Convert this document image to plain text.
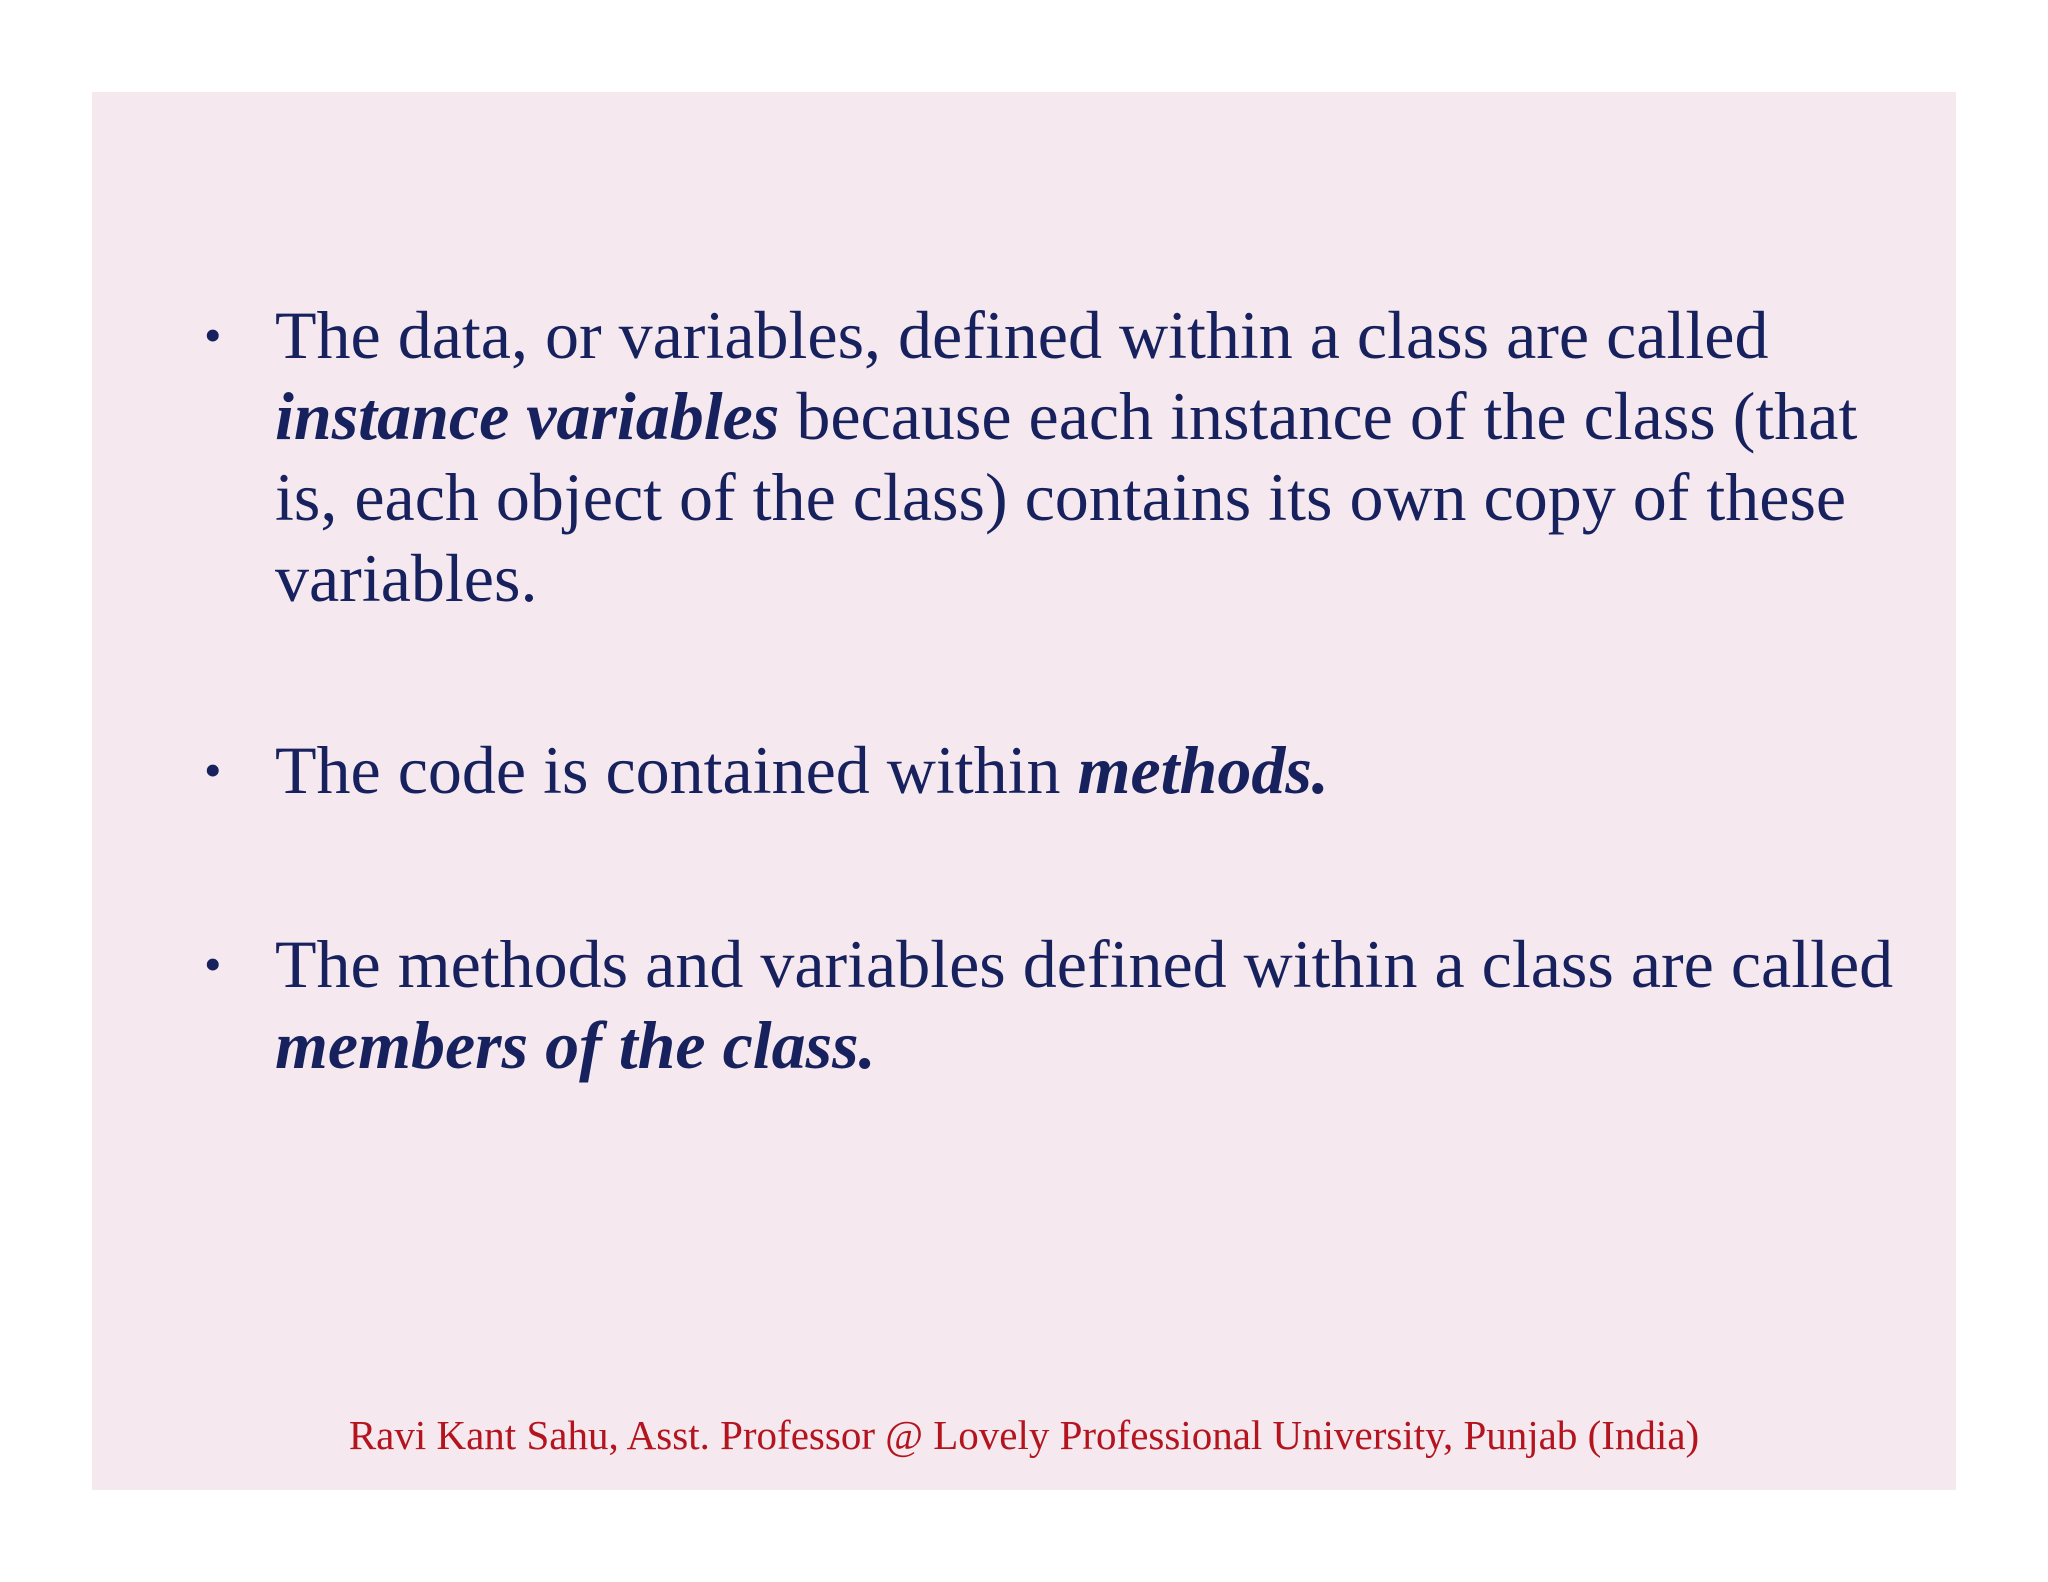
• The data, or variables, defined within a class are called instance variables because each instance of the class (that is, each object of the class) contains its own copy of these variables.
• The code is contained within methods.
• The methods and variables defined within a class are called members of the class.
Ravi Kant Sahu, Asst. Professor @ Lovely Professional University, Punjab (India)
